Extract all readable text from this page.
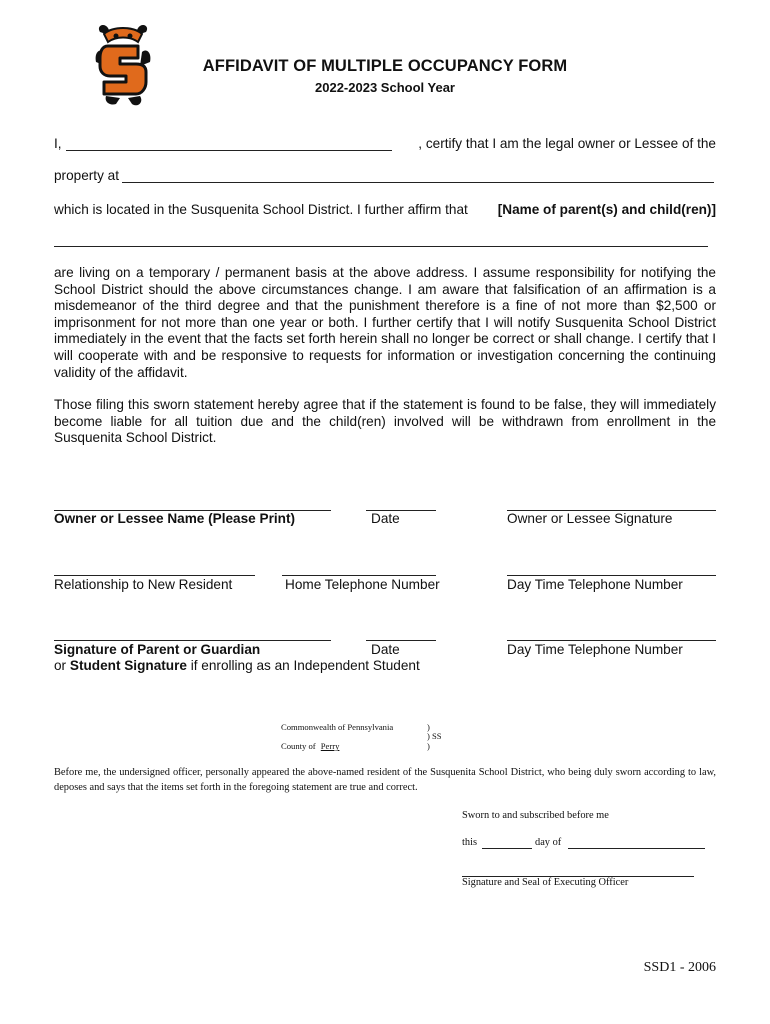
AFFIDAVIT OF MULTIPLE OCCUPANCY FORM
2022-2023 School Year
I,	, certify that I am the legal owner or Lessee of the
property at
which is located in the Susquenita School District. I further affirm that [Name of parent(s) and child(ren)]
are living on a temporary / permanent basis at the above address. I assume responsibility for notifying the School District should the above circumstances change. I am aware that falsification of an affirmation is a misdemeanor of the third degree and that the punishment therefore is a fine of not more than $2,500 or imprisonment for not more than one year or both. I further certify that I will notify Susquenita School District immediately in the event that the facts set forth herein shall no longer be correct or shall change. I certify that I will cooperate with and be responsive to requests for information or investigation concerning the continuing validity of the affidavit.
Those filing this sworn statement hereby agree that if the statement is found to be false, they will immediately become liable for all tuition due and the child(ren) involved will be withdrawn from enrollment in the Susquenita School District.
Owner or Lessee Name (Please Print)	Date	Owner or Lessee Signature
Relationship to New Resident	Home Telephone Number	Day Time Telephone Number
Signature of Parent or Guardian	Date	Day Time Telephone Number
or Student Signature if enrolling as an Independent Student
Commonwealth of Pennsylvania	)
) SS
County of Perry	)
Before me, the undersigned officer, personally appeared the above-named resident of the Susquenita School District, who being duly sworn according to law, deposes and says that the items set forth in the foregoing statement are true and correct.
Sworn to and subscribed before me
this	day of
Signature and Seal of Executing Officer
SSD1 - 2006
